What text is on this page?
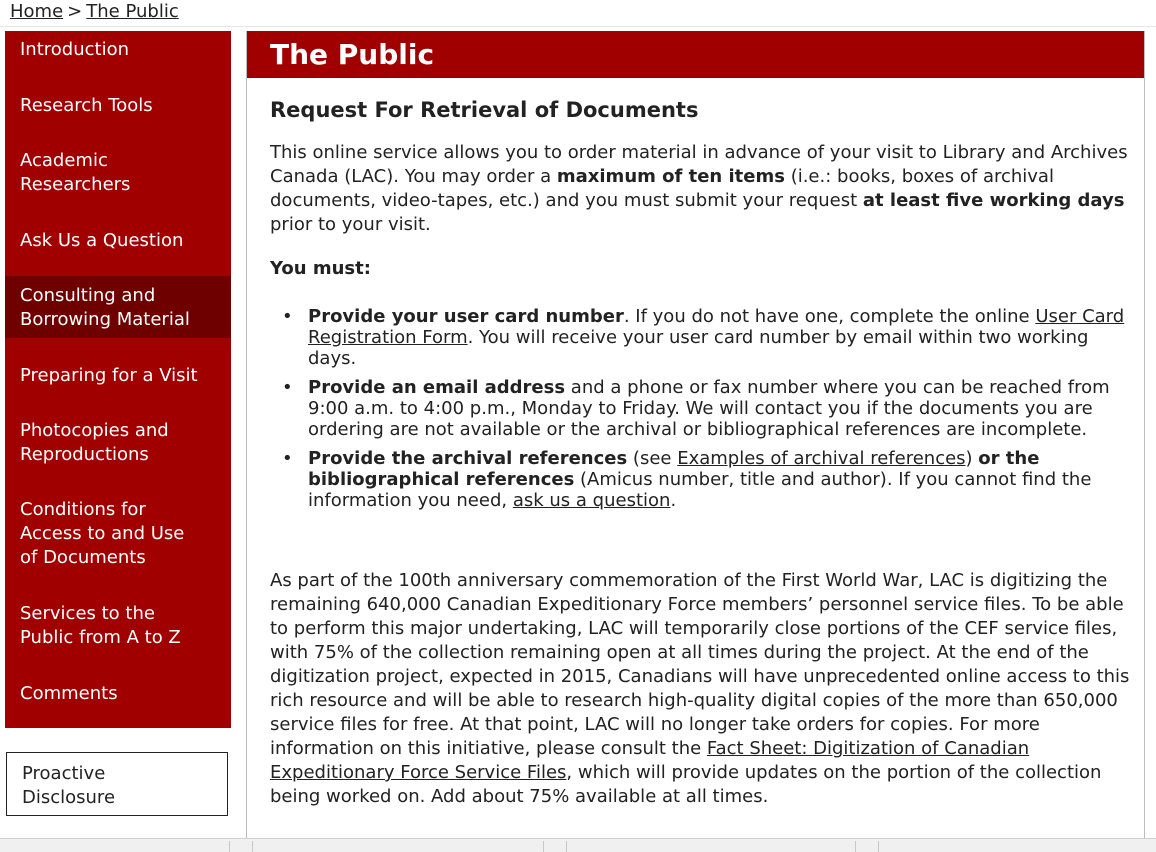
Home > The Public
Introduction
Research Tools
Academic
Researchers
Ask Us a Question
Consulting and
Borrowing Material
Preparing for a Visit
Photocopies and
Reproductions
Conditions for
Access to and Use
of Documents
Services to the
Public from A to Z
Comments
Proactive
Disclosure
The Public
Request For Retrieval of Documents

This online service allows you to order material in advance of your visit to Library and Archives Canada (LAC). You may order a maximum of ten items (i.e.: books, boxes of archival documents, video-tapes, etc.) and you must submit your request at least five working days prior to your visit.

You must:
• Provide your user card number. If you do not have one, complete the online User Card Registration Form. You will receive your user card number by email within two working days.
• Provide an email address and a phone or fax number where you can be reached from 9:00 a.m. to 4:00 p.m., Monday to Friday. We will contact you if the documents you are ordering are not available or the archival or bibliographical references are incomplete.
• Provide the archival references (see Examples of archival references) or the bibliographical references (Amicus number, title and author). If you cannot find the information you need, ask us a question.

As part of the 100th anniversary commemoration of the First World War, LAC is digitizing the remaining 640,000 Canadian Expeditionary Force members’ personnel service files. To be able to perform this major undertaking, LAC will temporarily close portions of the CEF service files, with 75% of the collection remaining open at all times during the project. At the end of the digitization project, expected in 2015, Canadians will have unprecedented online access to this rich resource and will be able to research high-quality digital copies of the more than 650,000 service files for free. At that point, LAC will no longer take orders for copies. For more information on this initiative, please consult the Fact Sheet: Digitization of Canadian Expeditionary Force Service Files, which will provide updates on the portion of the collection being worked on. Add about 75% available at all times.
